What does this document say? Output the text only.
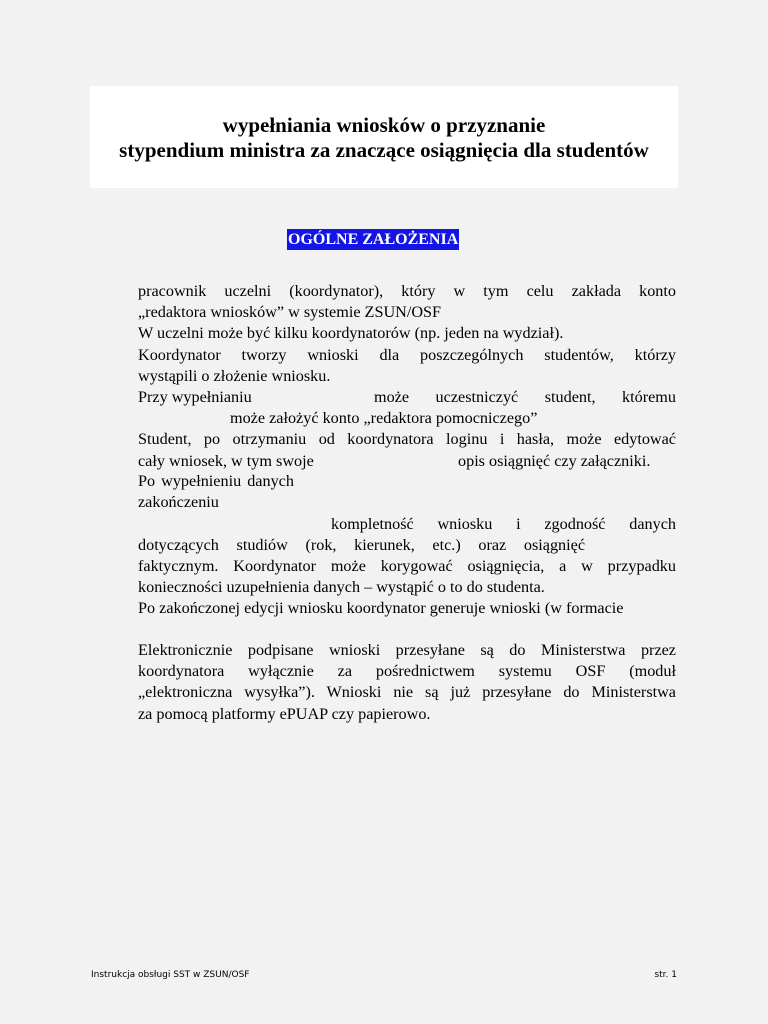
wypełniania wniosków o przyznanie
stypendium ministra za znaczące osiągnięcia dla studentów
OGÓLNE ZAŁOŻENIA
pracownik uczelni (koordynator), który w tym celu zakłada konto
„redaktora wniosków” w systemie ZSUN/OSF
W uczelni może być kilku koordynatorów (np. jeden na wydział).
Koordynator tworzy wnioski dla poszczególnych studentów, którzy
wystąpili o złożenie wniosku.
Przy wypełnianiu	może uczestniczyć student, któremu
może założyć konto „redaktora pomocniczego”
Student, po otrzymaniu od koordynatora loginu i hasła, może edytować
cały wniosek, w tym swoje	opis osiągnięć czy załączniki.
Po wypełnieniu danych
zakończeniu
kompletność wniosku i zgodność danych
dotyczących studiów (rok, kierunek, etc.) oraz osiągnięć
faktycznym. Koordynator może korygować osiągnięcia, a w przypadku
konieczności uzupełnienia danych – wystąpić o to do studenta.
Po zakończonej edycji wniosku koordynator generuje wnioski (w formacie
Elektronicznie podpisane wnioski przesyłane są do Ministerstwa przez
koordynatora wyłącznie za pośrednictwem systemu OSF (moduł
„elektroniczna wysyłka”). Wnioski nie są już przesyłane do Ministerstwa
za pomocą platformy ePUAP czy papierowo.
Instrukcja obsługi SST w ZSUN/OSF	str. 1
